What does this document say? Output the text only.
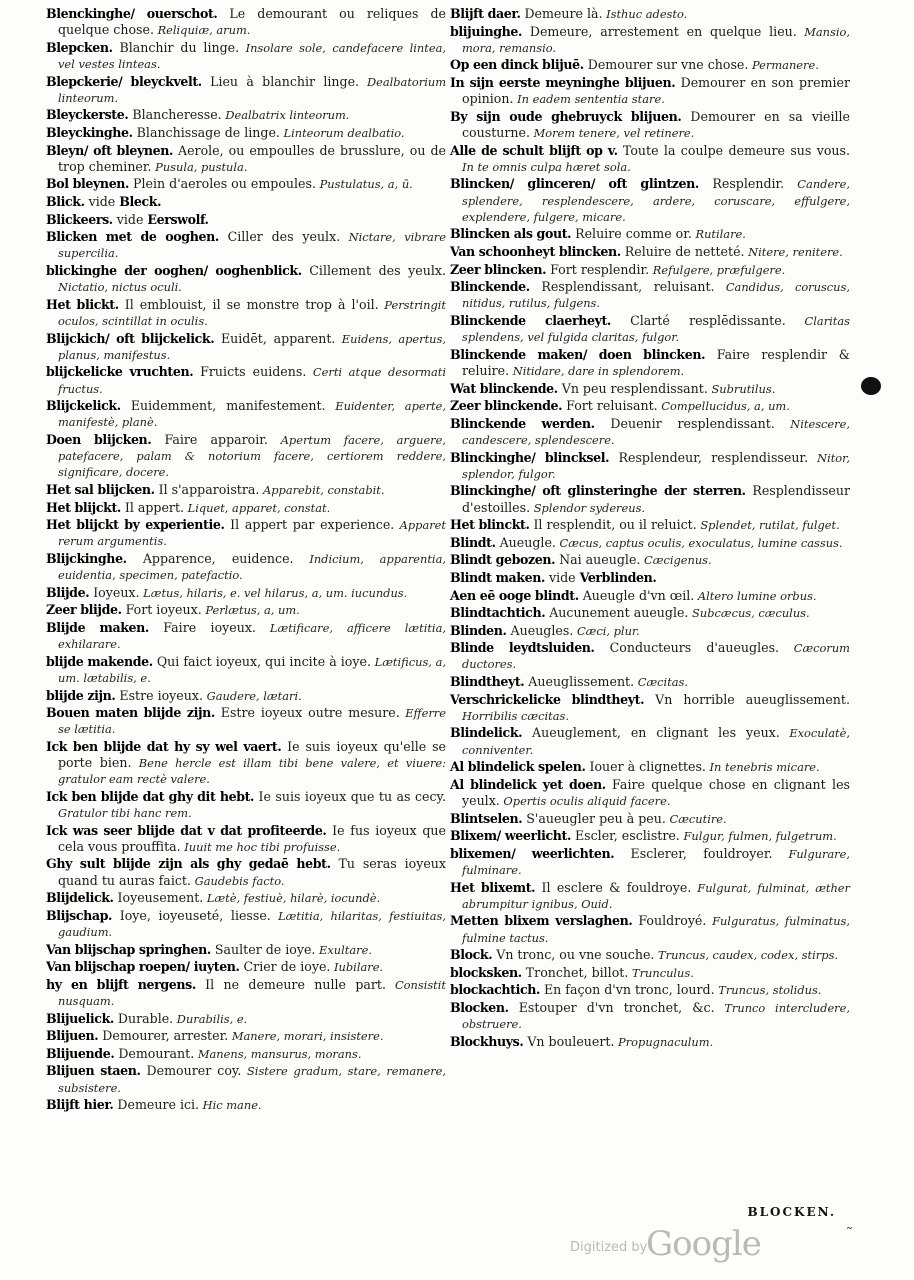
Blenckinghe/ ouerschot. Le demourant ou reliques de quelque chose. Reliquiæ, arum.

Blepcken. Blanchir du linge. Insolare sole, candefacere lintea, vel vestes linteas.

Blepckerie/ bleyckvelt. Lieu à blanchir linge. Dealbatorium linteorum.

Bleyckerste. Blancheresse. Dealbatrix linteorum.

Bleyckinghe. Blanchissage de linge. Linteorum dealbatio.

Bleyn/ oft bleynen. Aerole, ou empoulles de brusslure, ou de trop cheminer. Pusula, pustula.

Bol bleynen. Plein d'aeroles ou empoules. Pustulatus, a, ū.

Blick. vide Bleck.

Blickeers. vide Eerswolf.

Blicken met de ooghen. Ciller des yeulx. Nictare, vibrare supercilia.

blickinghe der ooghen/ ooghenblick. Cillement des yeulx. Nictatio, nictus oculi.

Het blickt. Il emblouist, il se monstre trop à l'oil. Perstringit oculos, scintillat in oculis.

Blijckich/ oft blijckelick. Euidēt, apparent. Euidens, apertus, planus, manifestus.

blijckelicke vruchten. Fruicts euidens. Certi atque desormati fructus.

Blijckelick. Euidemment, manifestement. Euidenter, aperte, manifestè, planè.

Doen blijcken. Faire apparoir. Apertum facere, arguere, patefacere, palam & notorium facere, certiorem reddere, significare, docere.

Het sal blijcken. Il s'apparoistra. Apparebit, constabit.

Het blijckt. Il appert. Liquet, apparet, constat.

Het blijckt by experientie. Il appert par experience. Apparet rerum argumentis.

Blijckinghe. Apparence, euidence. Indicium, apparentia, euidentia, specimen, patefactio.

Blijde. Ioyeux. Lætus, hilaris, e. vel hilarus, a, um. iucundus.

Zeer blijde. Fort ioyeux. Perlætus, a, um.

Blijde maken. Faire ioyeux. Lætificare, afficere lætitia, exhilarare.

blijde makende. Qui faict ioyeux, qui incite à ioye. Lætificus, a, um. lætabilis, e.

blijde zijn. Estre ioyeux. Gaudere, lætari.

Bouen maten blijde zijn. Estre ioyeux outre mesure. Efferre se lætitia.

Ick ben blijde dat hy sy wel vaert. Ie suis ioyeux qu'elle se porte bien. Bene hercle est illam tibi bene valere, et viuere: gratulor eam rectè valere.

Ick ben blijde dat ghy dit hebt. Ie suis ioyeux que tu as cecy. Gratulor tibi hanc rem.

Ick was seer blijde dat v dat profiteerde. Ie fus ioyeux que cela vous prouffita. Iuuit me hoc tibi profuisse.

Ghy sult blijde zijn als ghy gedaē hebt. Tu seras ioyeux quand tu auras faict. Gaudebis facto.

Blijdelick. Ioyeusement. Lætè, festiuè, hilarè, iocundè.

Blijschap. Ioye, ioyeuseté, liesse. Lætitia, hilaritas, festiuitas, gaudium.

Van blijschap springhen. Saulter de ioye. Exultare.

Van blijschap roepen/ iuyten. Crier de ioye. Iubilare.

hy en blijft nergens. Il ne demeure nulle part. Consistit nusquam.

Blijuelick. Durable. Durabilis, e.

Blijuen. Demourer, arrester. Manere, morari, insistere.

Blijuende. Demourant. Manens, mansurus, morans.

Blijuen staen. Demourer coy. Sistere gradum, stare, remanere, subsistere.

Blijft hier. Demeure ici. Hic mane.

Blijft daer. Demeure là. Isthuc adesto.

blijuinghe. Demeure, arrestement en quelque lieu. Mansio, mora, remansio.

Op een dinck blijuē. Demourer sur vne chose. Permanere.

In sijn eerste meyninghe blijuen. Demourer en son premier opinion. In eadem sententia stare.

By sijn oude ghebruyck blijuen. Demourer en sa vieille cousturne. Morem tenere, vel retinere.

Alle de schult blijft op v. Toute la coulpe demeure sus vous. In te omnis culpa hæret sola.

Blincken/ glinceren/ oft glintzen. Resplendir. Candere, splendere, resplendescere, ardere, coruscare, effulgere, explendere, fulgere, micare.

Blincken als gout. Reluire comme or. Rutilare.

Van schoonheyt blincken. Reluire de netteté. Nitere, renitere.

Zeer blincken. Fort resplendir. Refulgere, præfulgere.

Blinckende. Resplendissant, reluisant. Candidus, coruscus, nitidus, rutilus, fulgens.

Blinckende claerheyt. Clarté resplēdissante. Claritas splendens, vel fulgida claritas, fulgor.

Blinckende maken/ doen blincken. Faire resplendir & reluire. Nitidare, dare in splendorem.

Wat blinckende. Vn peu resplendissant. Subrutilus.

Zeer blinckende. Fort reluisant. Compellucidus, a, um.

Blinckende werden. Deuenir resplendissant. Nitescere, candescere, splendescere.

Blinckinghe/ blincksel. Resplendeur, resplendisseur. Nitor, splendor, fulgor.

Blinckinghe/ oft glinsteringhe der sterren. Resplendisseur d'estoilles. Splendor sydereus.

Het blinckt. Il resplendit, ou il reluict. Splendet, rutilat, fulget.

Blindt. Aueugle. Cæcus, captus oculis, exoculatus, lumine cassus.

Blindt gebozen. Nai aueugle. Cæcigenus.

Blindt maken. vide Verblinden.

Aen eē ooge blindt. Aueugle d'vn œil. Altero lumine orbus.

Blindtachtich. Aucunement aueugle. Subcæcus, cæculus.

Blinden. Aueugles. Cæci, plur.

Blinde leydtsluiden. Conducteurs d'aueugles. Cæcorum ductores.

Blindtheyt. Aueuglissement. Cæcitas.

Verschrickelicke blindtheyt. Vn horrible aueuglissement. Horribilis cæcitas.

Blindelick. Aueuglement, en clignant les yeux. Exoculatè, conniventer.

Al blindelick spelen. Iouer à clignettes. In tenebris micare.

Al blindelick yet doen. Faire quelque chose en clignant les yeulx. Opertis oculis aliquid facere.

Blintselen. S'aueugler peu à peu. Cæcutire.

Blixem/ weerlicht. Escler, esclistre. Fulgur, fulmen, fulgetrum.

blixemen/ weerlichten. Esclerer, fouldroyer. Fulgurare, fulminare.

Het blixemt. Il esclere & fouldroye. Fulgurat, fulminat, æther abrumpitur ignibus, Ouid.

Metten blixem verslaghen. Fouldroyé. Fulguratus, fulminatus, fulmine tactus.

Block. Vn tronc, ou vne souche. Truncus, caudex, codex, stirps.

blocksken. Tronchet, billot. Trunculus.

blockachtich. En façon d'vn tronc, lourd. Truncus, stolidus.

Blocken. Estouper d'vn tronchet, &c. Trunco intercludere, obstruere.

Blockhuys. Vn bouleuert. Propugnaculum.

BLOCKEN.
˜
Digitized by
Google
